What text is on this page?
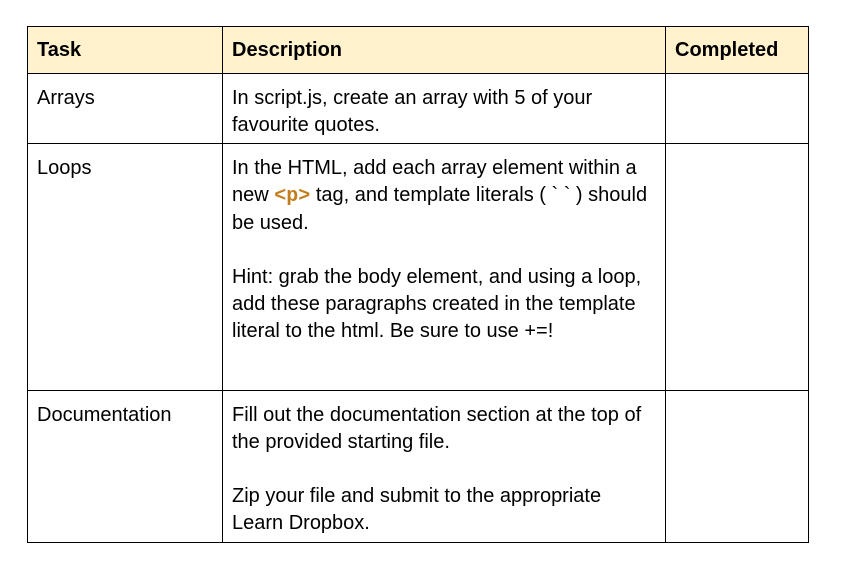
Task	Description	Completed
Arrays	In script.js, create an array with 5 of your favourite quotes.	

Loops	In the HTML, add each array element within a new <p> tag, and template literals ( ` ` ) should be used.

Hint: grab the body element, and using a loop, add these paragraphs created in the template literal to the html. Be sure to use +=!	

Documentation	Fill out the documentation section at the top of the provided starting file.

Zip your file and submit to the appropriate Learn Dropbox.	
